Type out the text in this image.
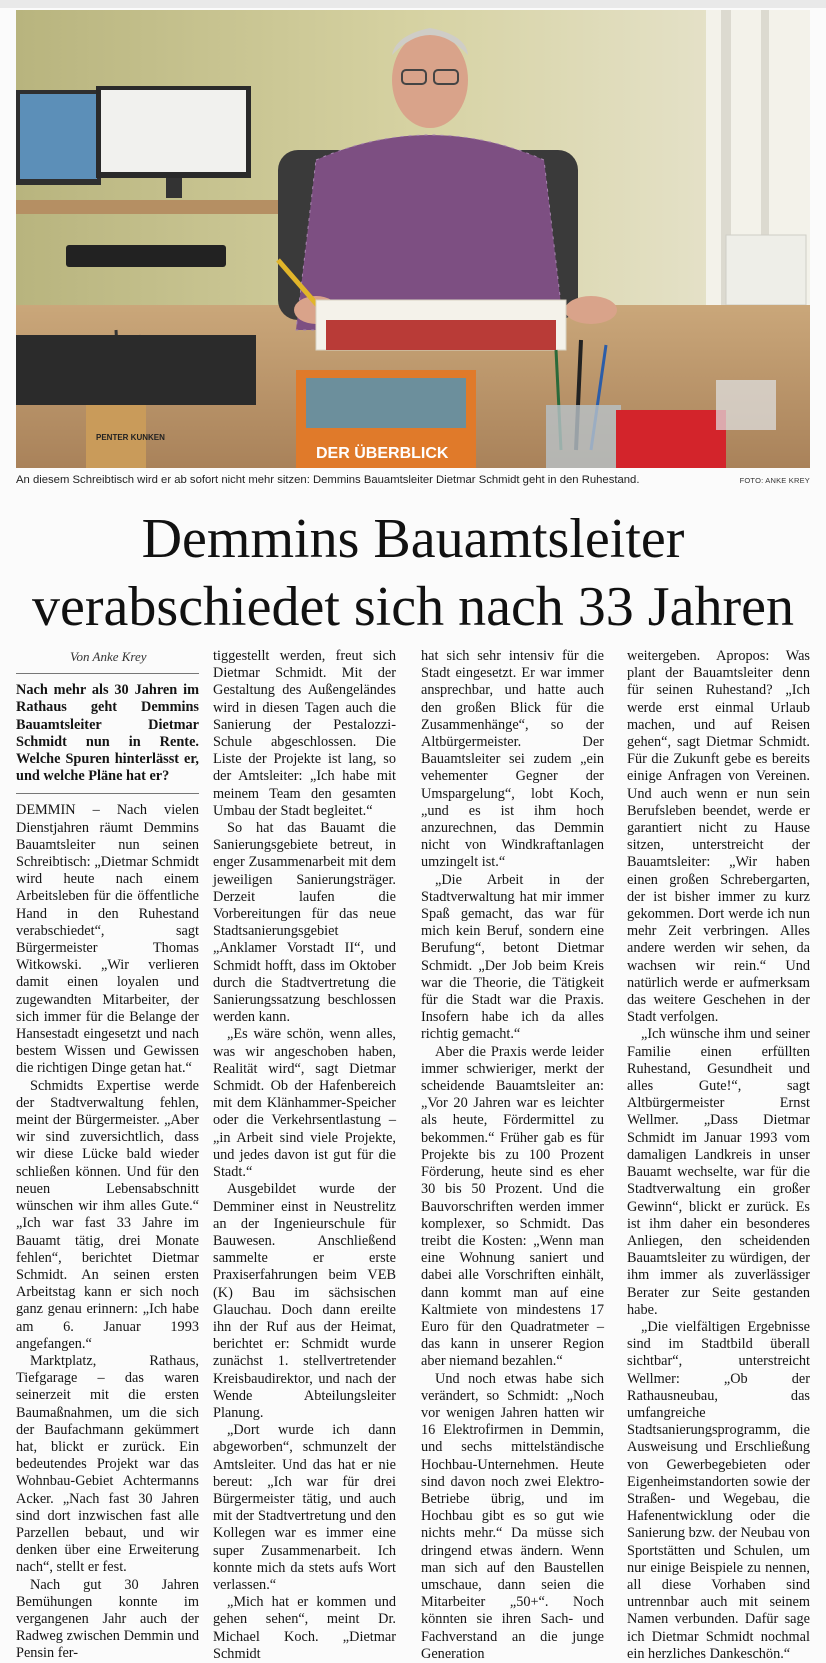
DER ÜBERBLICK
PENTER KUNKEN
An diesem Schreibtisch wird er ab sofort nicht mehr sitzen: Demmins Bauamtsleiter Dietmar Schmidt geht in den Ruhestand.	FOTO: ANKE KREY
Demmins Bauamtsleiter
verabschiedet sich nach 33 Jahren

Von Anke Krey

Nach mehr als 30 Jahren im Rathaus geht Demmins Bauamtsleiter Dietmar Schmidt nun in Rente. Welche Spuren hinterlässt er, und welche Pläne hat er?

DEMMIN – Nach vielen Dienstjahren räumt Demmins Bauamtsleiter nun seinen Schreibtisch: „Dietmar Schmidt wird heute nach einem Arbeitsleben für die öffentliche Hand in den Ruhestand verabschiedet“, sagt Bürgermeister Thomas Witkowski. „Wir verlieren damit einen loyalen und zugewandten Mitarbeiter, der sich immer für die Belange der Hansestadt eingesetzt und nach bestem Wissen und Gewissen die richtigen Dinge getan hat.“

Schmidts Expertise werde der Stadtverwaltung fehlen, meint der Bürgermeister. „Aber wir sind zuversichtlich, dass wir diese Lücke bald wieder schließen können. Und für den neuen Lebensabschnitt wünschen wir ihm alles Gute.“ „Ich war fast 33 Jahre im Bauamt tätig, drei Monate fehlen“, berichtet Dietmar Schmidt. An seinen ersten Arbeitstag kann er sich noch ganz genau erinnern: „Ich habe am 6. Januar 1993 angefangen.“

Marktplatz, Rathaus, Tiefgarage – das waren seinerzeit mit die ersten Baumaßnahmen, um die sich der Baufachmann gekümmert hat, blickt er zurück. Ein bedeutendes Projekt war das Wohnbau-Gebiet Achtermanns Acker. „Nach fast 30 Jahren sind dort inzwischen fast alle Parzellen bebaut, und wir denken über eine Erweiterung nach“, stellt er fest.

Nach gut 30 Jahren Bemühungen konnte im vergangenen Jahr auch der Radweg zwischen Demmin und Pensin fer-

tiggestellt werden, freut sich Dietmar Schmidt. Mit der Gestaltung des Außengeländes wird in diesen Tagen auch die Sanierung der Pestalozzi-Schule abgeschlossen. Die Liste der Projekte ist lang, so der Amtsleiter: „Ich habe mit meinem Team den gesamten Umbau der Stadt begleitet.“

So hat das Bauamt die Sanierungsgebiete betreut, in enger Zusammenarbeit mit dem jeweiligen Sanierungsträger. Derzeit laufen die Vorbereitungen für das neue Stadtsanierungsgebiet „Anklamer Vorstadt II“, und Schmidt hofft, dass im Oktober durch die Stadtvertretung die Sanierungssatzung beschlossen werden kann.

„Es wäre schön, wenn alles, was wir angeschoben haben, Realität wird“, sagt Dietmar Schmidt. Ob der Hafenbereich mit dem Klänhammer-Speicher oder die Verkehrsentlastung – „in Arbeit sind viele Projekte, und jedes davon ist gut für die Stadt.“

Ausgebildet wurde der Demminer einst in Neustrelitz an der Ingenieurschule für Bauwesen. Anschließend sammelte er erste Praxiserfahrungen beim VEB (K) Bau im sächsischen Glauchau. Doch dann ereilte ihn der Ruf aus der Heimat, berichtet er: Schmidt wurde zunächst 1. stellvertretender Kreisbaudirektor, und nach der Wende Abteilungsleiter Planung.

„Dort wurde ich dann abgeworben“, schmunzelt der Amtsleiter. Und das hat er nie bereut: „Ich war für drei Bürgermeister tätig, und auch mit der Stadtvertretung und den Kollegen war es immer eine super Zusammenarbeit. Ich konnte mich da stets aufs Wort verlassen.“

„Mich hat er kommen und gehen sehen“, meint Dr. Michael Koch. „Dietmar Schmidt

hat sich sehr intensiv für die Stadt eingesetzt. Er war immer ansprechbar, und hatte auch den großen Blick für die Zusammenhänge“, so der Altbürgermeister. Der Bauamtsleiter sei zudem „ein vehementer Gegner der Umspargelung“, lobt Koch, „und es ist ihm hoch anzurechnen, das Demmin nicht von Windkraftanlagen umzingelt ist.“

„Die Arbeit in der Stadtverwaltung hat mir immer Spaß gemacht, das war für mich kein Beruf, sondern eine Berufung“, betont Dietmar Schmidt. „Der Job beim Kreis war die Theorie, die Tätigkeit für die Stadt war die Praxis. Insofern habe ich da alles richtig gemacht.“

Aber die Praxis werde leider immer schwieriger, merkt der scheidende Bauamtsleiter an: „Vor 20 Jahren war es leichter als heute, Fördermittel zu bekommen.“ Früher gab es für Projekte bis zu 100 Prozent Förderung, heute sind es eher 30 bis 50 Prozent. Und die Bauvorschriften werden immer komplexer, so Schmidt. Das treibt die Kosten: „Wenn man eine Wohnung saniert und dabei alle Vorschriften einhält, dann kommt man auf eine Kaltmiete von mindestens 17 Euro für den Quadratmeter – das kann in unserer Region aber niemand bezahlen.“

Und noch etwas habe sich verändert, so Schmidt: „Noch vor wenigen Jahren hatten wir 16 Elektrofirmen in Demmin, und sechs mittelständische Hochbau-Unternehmen. Heute sind davon noch zwei Elektro-Betriebe übrig, und im Hochbau gibt es so gut wie nichts mehr.“ Da müsse sich dringend etwas ändern. Wenn man sich auf den Baustellen umschaue, dann seien die Mitarbeiter „50+“. Noch könnten sie ihren Sach- und Fachverstand an die junge Generation

weitergeben. Apropos: Was plant der Bauamtsleiter denn für seinen Ruhestand? „Ich werde erst einmal Urlaub machen, und auf Reisen gehen“, sagt Dietmar Schmidt. Für die Zukunft gebe es bereits einige Anfragen von Vereinen. Und auch wenn er nun sein Berufsleben beendet, werde er garantiert nicht zu Hause sitzen, unterstreicht der Bauamtsleiter: „Wir haben einen großen Schrebergarten, der ist bisher immer zu kurz gekommen. Dort werde ich nun mehr Zeit verbringen. Alles andere werden wir sehen, da wachsen wir rein.“ Und natürlich werde er aufmerksam das weitere Geschehen in der Stadt verfolgen.

„Ich wünsche ihm und seiner Familie einen erfüllten Ruhestand, Gesundheit und alles Gute!“, sagt Altbürgermeister Ernst Wellmer. „Dass Dietmar Schmidt im Januar 1993 vom damaligen Landkreis in unser Bauamt wechselte, war für die Stadtverwaltung ein großer Gewinn“, blickt er zurück. Es ist ihm daher ein besonderes Anliegen, den scheidenden Bauamtsleiter zu würdigen, der ihm immer als zuverlässiger Berater zur Seite gestanden habe.

„Die vielfältigen Ergebnisse sind im Stadtbild überall sichtbar“, unterstreicht Wellmer: „Ob der Rathausneubau, das umfangreiche Stadtsanierungsprogramm, die Ausweisung und Erschließung von Gewerbegebieten oder Eigenheimstandorten sowie der Straßen- und Wegebau, die Hafenentwicklung oder die Sanierung bzw. der Neubau von Sportstätten und Schulen, um nur einige Beispiele zu nennen, all diese Vorhaben sind untrennbar auch mit seinem Namen verbunden. Dafür sage ich Dietmar Schmidt nochmal ein herzliches Dankeschön.“
